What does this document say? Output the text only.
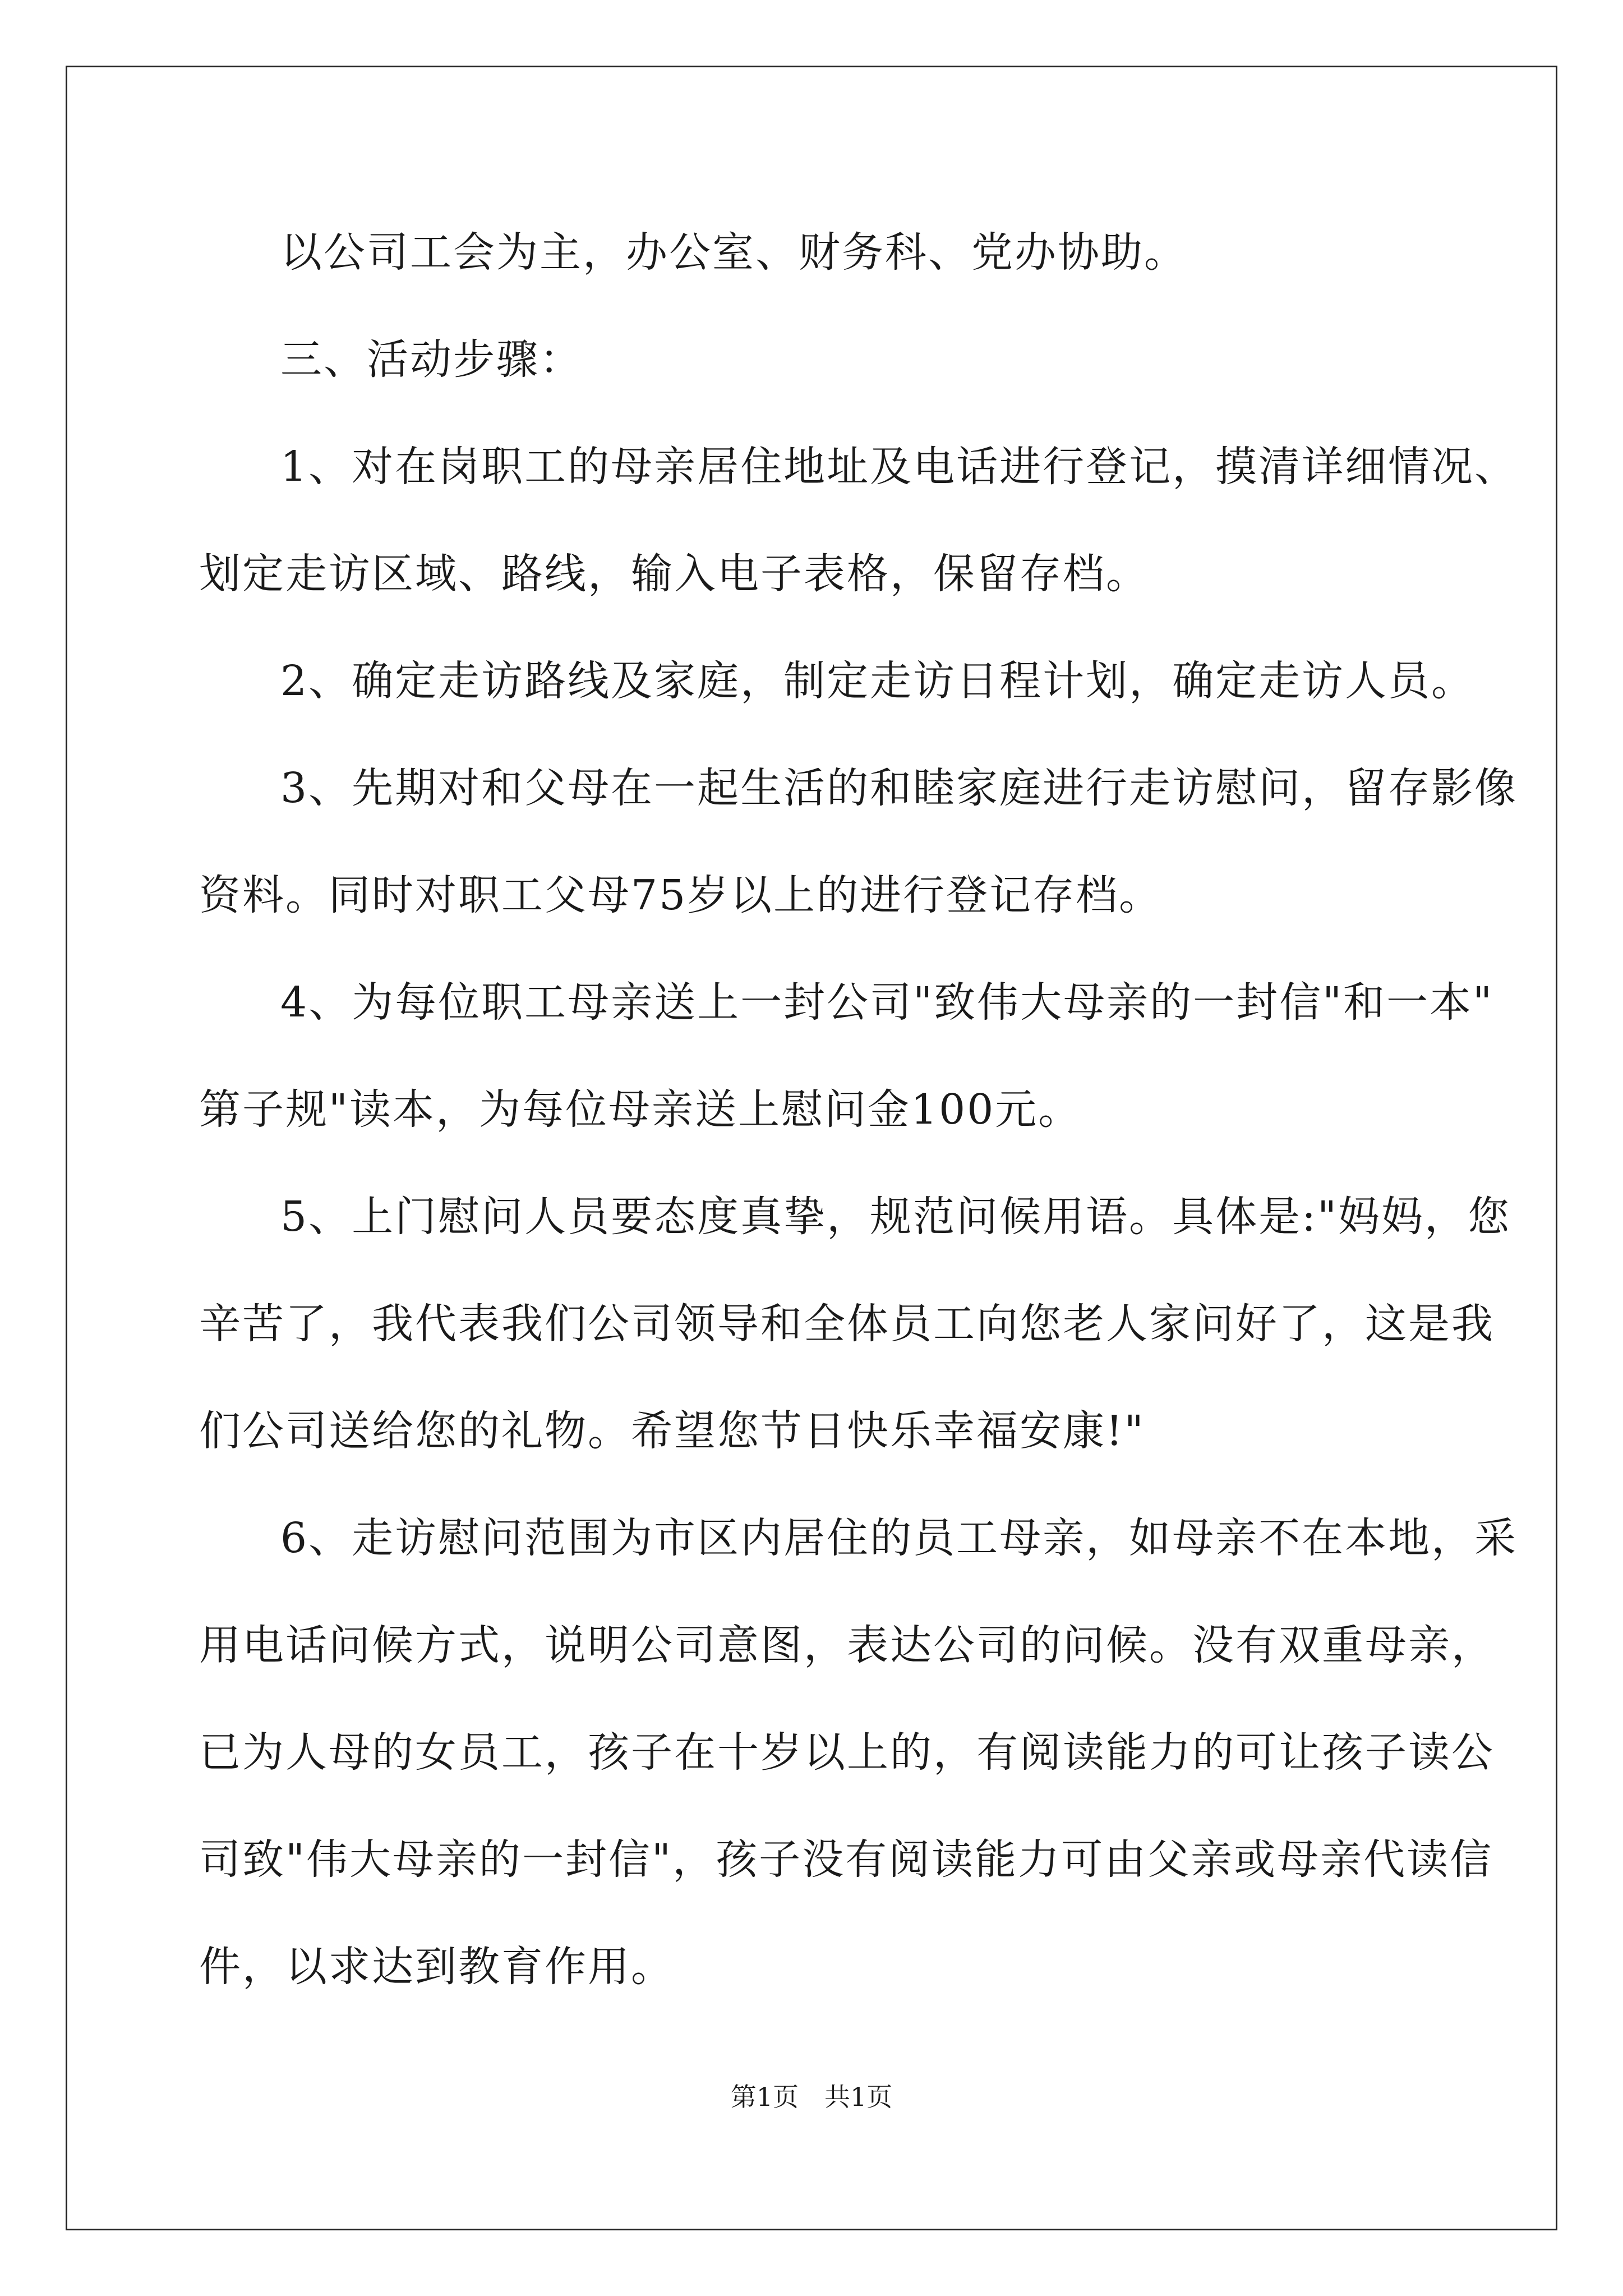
以公司工会为主，办公室、财务科、党办协助。

三、活动步骤：

1、对在岗职工的母亲居住地址及电话进行登记，摸清详细情况、

划定走访区域、路线，输入电子表格，保留存档。

2、确定走访路线及家庭，制定走访日程计划，确定走访人员。

3、先期对和父母在一起生活的和睦家庭进行走访慰问，留存影像

资料。同时对职工父母75岁以上的进行登记存档。

4、为每位职工母亲送上一封公司"致伟大母亲的一封信"和一本"

第子规"读本，为每位母亲送上慰问金100元。

5、上门慰问人员要态度真挚，规范问候用语。具体是:"妈妈，您

辛苦了，我代表我们公司领导和全体员工向您老人家问好了，这是我

们公司送给您的礼物。希望您节日快乐幸福安康!"

6、走访慰问范围为市区内居住的员工母亲，如母亲不在本地，采

用电话问候方式，说明公司意图，表达公司的问候。没有双重母亲，

已为人母的女员工，孩子在十岁以上的，有阅读能力的可让孩子读公

司致"伟大母亲的一封信"，孩子没有阅读能力可由父亲或母亲代读信

件，以求达到教育作用。

第1页　共1页
